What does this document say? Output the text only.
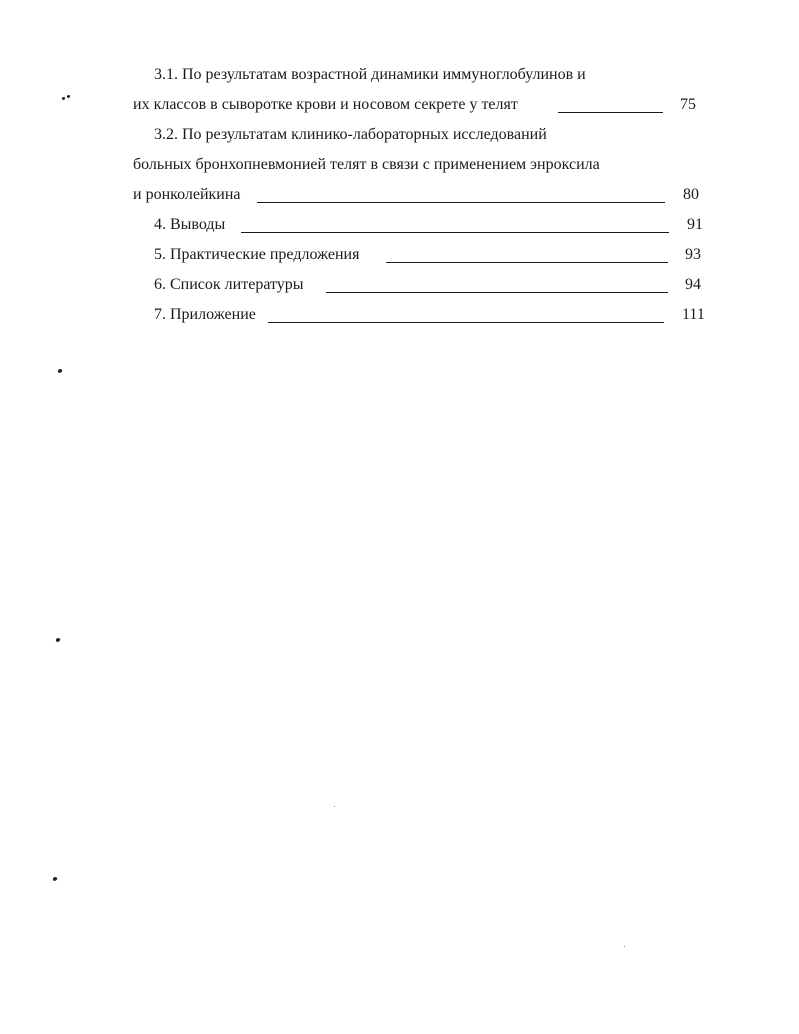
3.1. По результатам возрастной динамики иммуноглобулинов и
их классов в сыворотке крови и носовом секрете у телят	75
3.2. По результатам клинико-лабораторных исследований
больных бронхопневмонией телят в связи с применением энроксила
и ронколейкина	80
4. Выводы	91
5. Практические предложения	93
6. Список литературы	94
7. Приложение	111
